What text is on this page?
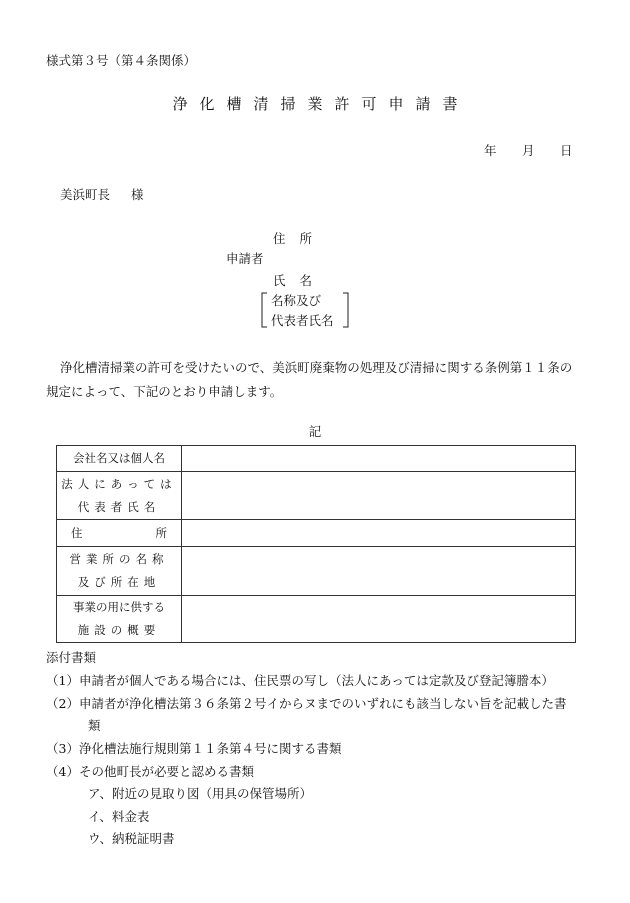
様式第３号（第４条関係）
浄化槽清掃業許可申請書
年 月 日
美浜町長 様
住所
申請者
氏名
名称及び
代表者氏名
浄化槽清掃業の許可を受けたいので、美浜町廃棄物の処理及び清掃に関する条例第１１条の規定によって、下記のとおり申請します。
記
会社名又は個人名	

法人にあっては
代表者氏名	

住 所	

営業所の名称
及び所在地	

事業の用に供する
施設の概要	

添付書類
（1）申請者が個人である場合には、住民票の写し（法人にあっては定款及び登記簿謄本）
（2）申請者が浄化槽法第３６条第２号イからヌまでのいずれにも該当しない旨を記載した書
類
（3）浄化槽法施行規則第１１条第４号に関する書類
（4）その他町長が必要と認める書類
ア、附近の見取り図（用具の保管場所）
イ、料金表
ウ、納税証明書
